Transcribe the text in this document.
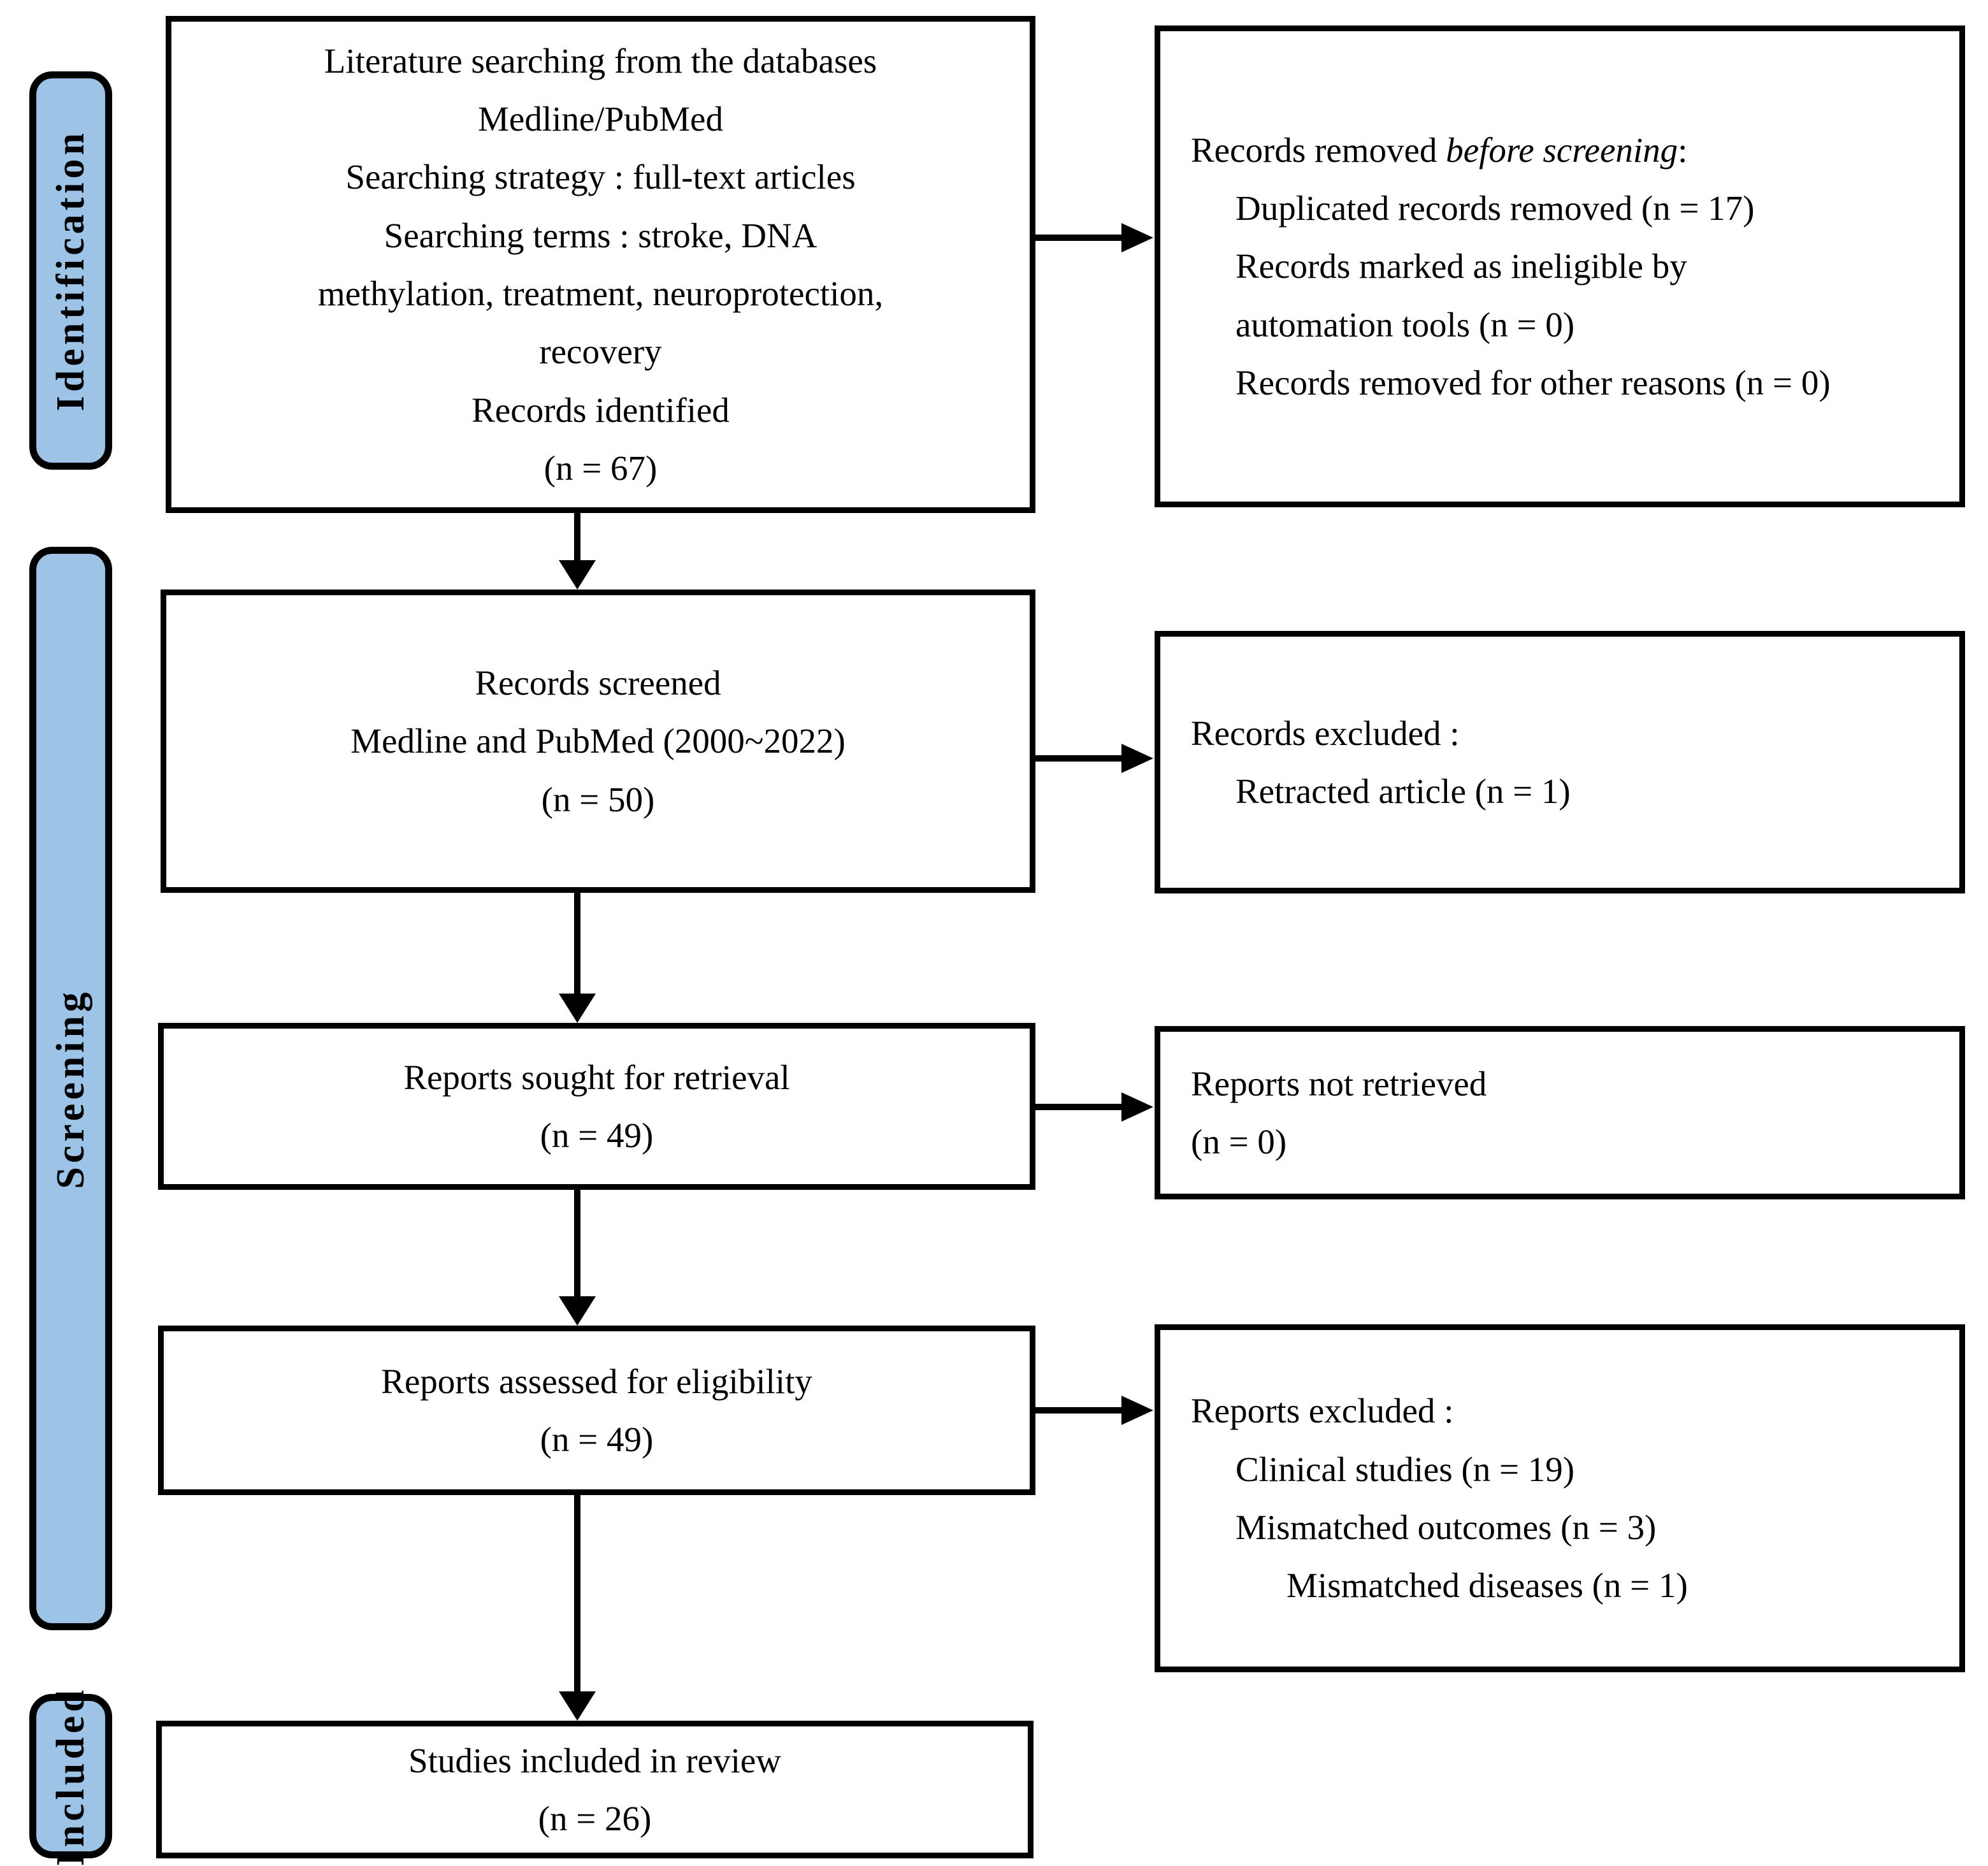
Identification
Screening
Included
Literature searching from the databases
Medline/PubMed
Searching strategy : full-text articles
Searching terms : stroke, DNA
methylation, treatment, neuroprotection,
recovery
Records identified
(n = 67)
Records removed before screening:
Duplicated records removed (n = 17)
Records marked as ineligible by
automation tools (n = 0)
Records removed for other reasons (n = 0)
Records screened
Medline and PubMed (2000~2022)
(n = 50)
Records excluded :
Retracted article (n = 1)
Reports sought for retrieval
(n = 49)
Reports not retrieved
(n = 0)
Reports assessed for eligibility
(n = 49)
Reports excluded :
Clinical studies (n = 19)
Mismatched outcomes (n = 3)
Mismatched diseases (n = 1)
Studies included in review
(n = 26)
